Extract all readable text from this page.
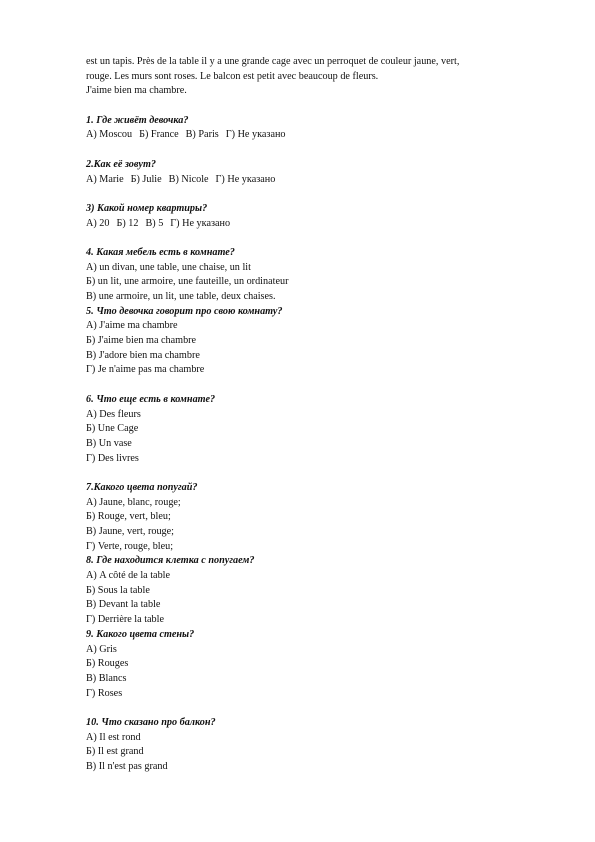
est un tapis. Près de la table il y a une grande cage avec un perroquet de couleur jaune, vert,
rouge. Les murs sont roses. Le balcon est petit avec beaucoup de fleurs.
J'aime bien ma chambre.
1. Где живёт девочка?
А) Moscou Б) France В) Paris Г) Не указано
2.Как её зовут?
А) Marie Б) Julie В) Nicole Г) Не указано
3) Какой номер квартиры?
А) 20 Б) 12 В) 5 Г) Не указано
4. Какая мебель есть в комнате?
А) un divan, une table, une chaise, un lit
Б) un lit, une armoire, une fauteille, un ordinateur
В) une armoire, un lit, une table, deux chaises.
5. Что девочка говорит про свою комнату?
А) J'aime ma chambre
Б) J'aime bien ma chambre
В) J'adore bien ma chambre
Г) Je n'aime pas ma chambre
6. Что еще есть в комнате?
А) Des fleurs
Б) Une Cage
В) Un vase
Г) Des livres
7.Какого цвета попугай?
А) Jaune, blanc, rouge;
Б) Rouge, vert, bleu;
В) Jaune, vert, rouge;
Г) Verte, rouge, bleu;
8. Где находится клетка с попугаем?
А) A côté de la table
Б) Sous la table
В) Devant la table
Г) Derrière la table
9. Какого цвета стены?
А) Gris
Б) Rouges
В) Blancs
Г) Roses
10. Что сказано про балкон?
А) Il est rond
Б) Il est grand
В) Il n'est pas grand
